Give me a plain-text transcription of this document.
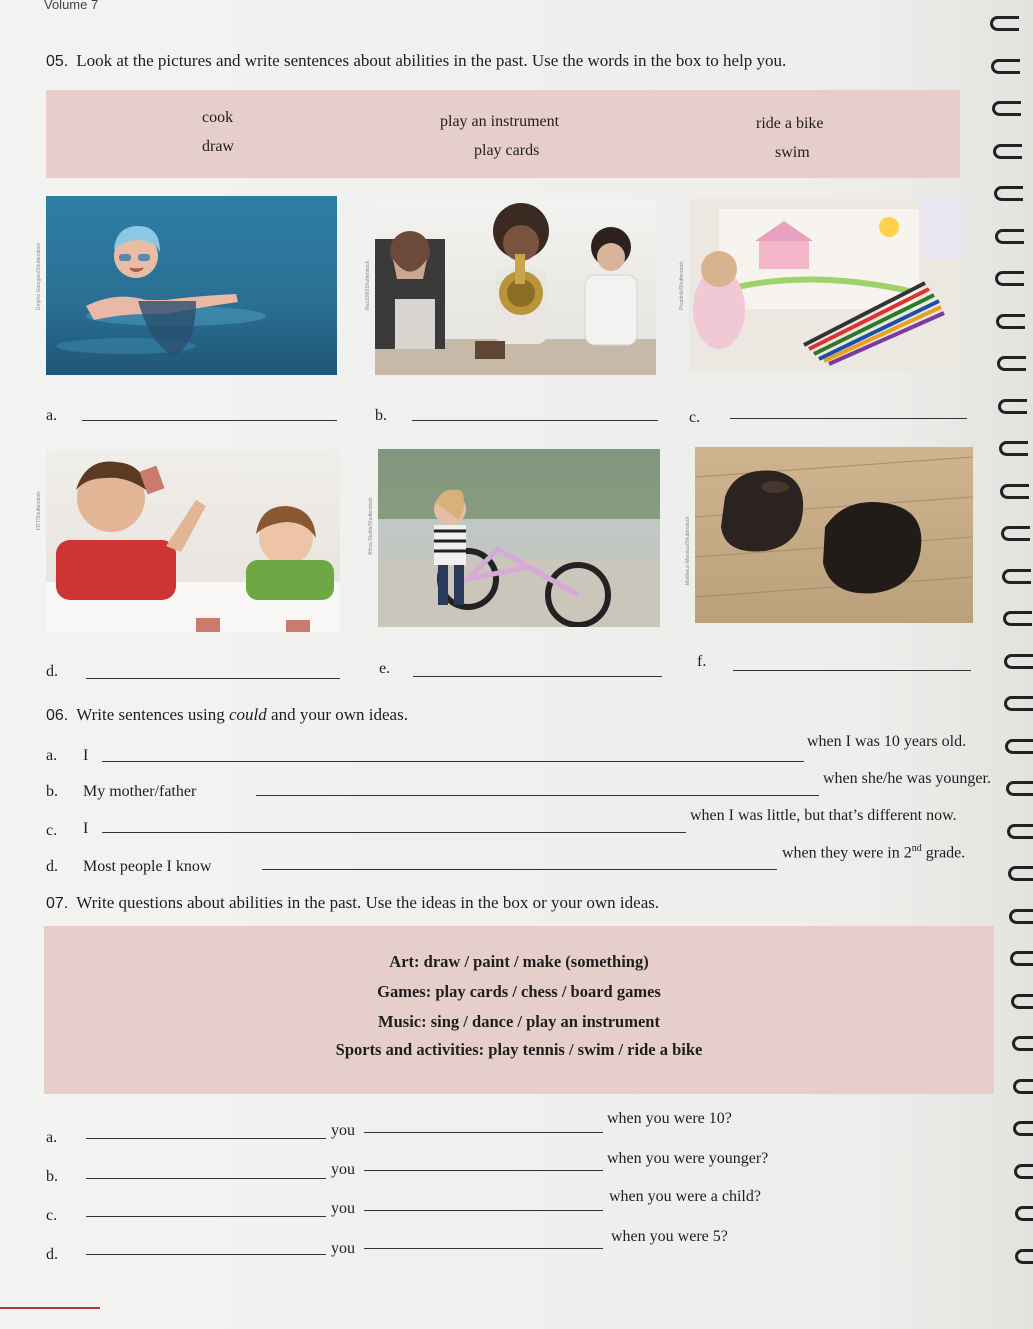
Volume 7
05. Look at the pictures and write sentences about abilities in the past. Use the words in the box to help you.
cook	play an instrument	ride a bike
draw	play cards	swim
Dmytro Georgiev/Shutterstock	Rez1000/Shutterstock	Prazdnik/Shutterstock
a.	b.	c.
FRT/Shutterstock	Africa Studio/Shutterstock	Mattheus Mannus/Shutterstock
d.	e.	f.
06. Write sentences using could and your own ideas.
a. I
when I was 10 years old.
b. My mother/father
when she/he was younger.
c. I
when I was little, but that’s different now.
d. Most people I know
when they were in 2nd grade.
07. Write questions about abilities in the past. Use the ideas in the box or your own ideas.
Art: draw / paint / make (something)
Games: play cards / chess / board games
Music: sing / dance / play an instrument
Sports and activities: play tennis / swim / ride a bike
a.	you
when you were 10?
b.	you
when you were younger?
c.	you
when you were a child?
d.	you
when you were 5?
